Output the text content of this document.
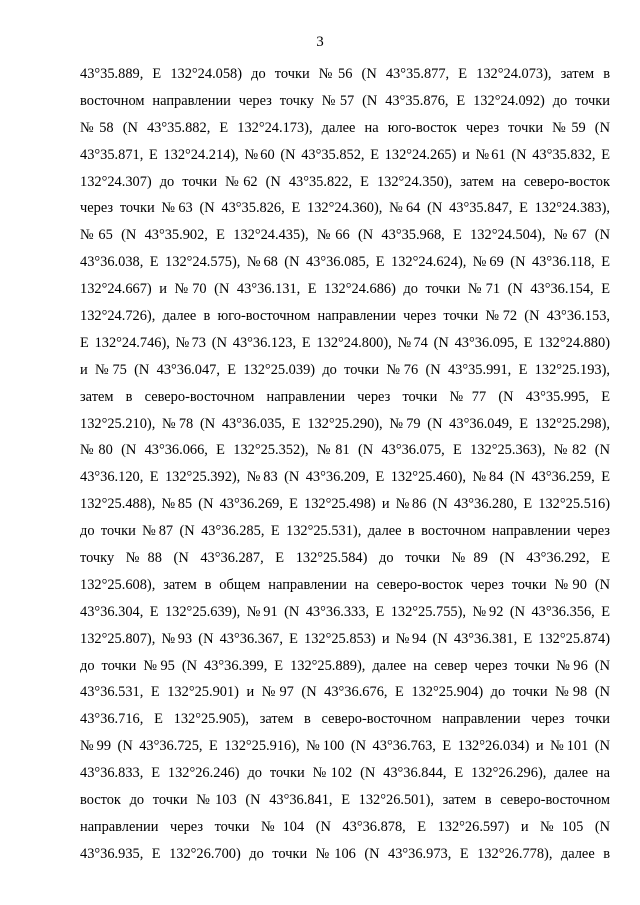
3
43°35.889, E 132°24.058) до точки №56 (N 43°35.877, E 132°24.073), затем в
восточном направлении через точку №57 (N 43°35.876, E 132°24.092) до точки
№58 (N 43°35.882, E 132°24.173), далее на юго-восток через точки №59 (N
43°35.871, E 132°24.214), №60 (N 43°35.852, E 132°24.265) и №61 (N 43°35.832, E
132°24.307) до точки №62 (N 43°35.822, E 132°24.350), затем на северо-восток
через точки №63 (N 43°35.826, E 132°24.360), №64 (N 43°35.847, E 132°24.383),
№65 (N 43°35.902, E 132°24.435), №66 (N 43°35.968, E 132°24.504), №67 (N
43°36.038, E 132°24.575), №68 (N 43°36.085, E 132°24.624), №69 (N 43°36.118, E
132°24.667) и №70 (N 43°36.131, E 132°24.686) до точки №71 (N 43°36.154, E
132°24.726), далее в юго-восточном направлении через точки №72 (N 43°36.153,
E 132°24.746), №73 (N 43°36.123, E 132°24.800), №74 (N 43°36.095, E 132°24.880)
и №75 (N 43°36.047, E 132°25.039) до точки №76 (N 43°35.991, E 132°25.193),
затем в северо-восточном направлении через точки №77 (N 43°35.995, E
132°25.210), №78 (N 43°36.035, E 132°25.290), №79 (N 43°36.049, E 132°25.298),
№80 (N 43°36.066, E 132°25.352), №81 (N 43°36.075, E 132°25.363), №82 (N
43°36.120, E 132°25.392), №83 (N 43°36.209, E 132°25.460), №84 (N 43°36.259, E
132°25.488), №85 (N 43°36.269, E 132°25.498) и №86 (N 43°36.280, E 132°25.516)
до точки №87 (N 43°36.285, E 132°25.531), далее в восточном направлении через
точку №88 (N 43°36.287, E 132°25.584) до точки №89 (N 43°36.292, E
132°25.608), затем в общем направлении на северо-восток через точки №90 (N
43°36.304, E 132°25.639), №91 (N 43°36.333, E 132°25.755), №92 (N 43°36.356, E
132°25.807), №93 (N 43°36.367, E 132°25.853) и №94 (N 43°36.381, E 132°25.874)
до точки №95 (N 43°36.399, E 132°25.889), далее на север через точки №96 (N
43°36.531, E 132°25.901) и №97 (N 43°36.676, E 132°25.904) до точки №98 (N
43°36.716, E 132°25.905), затем в северо-восточном направлении через точки
№99 (N 43°36.725, E 132°25.916), №100 (N 43°36.763, E 132°26.034) и №101 (N
43°36.833, E 132°26.246) до точки №102 (N 43°36.844, E 132°26.296), далее на
восток до точки №103 (N 43°36.841, E 132°26.501), затем в северо-восточном
направлении через точки №104 (N 43°36.878, E 132°26.597) и №105 (N
43°36.935, E 132°26.700) до точки №106 (N 43°36.973, E 132°26.778), далее в
